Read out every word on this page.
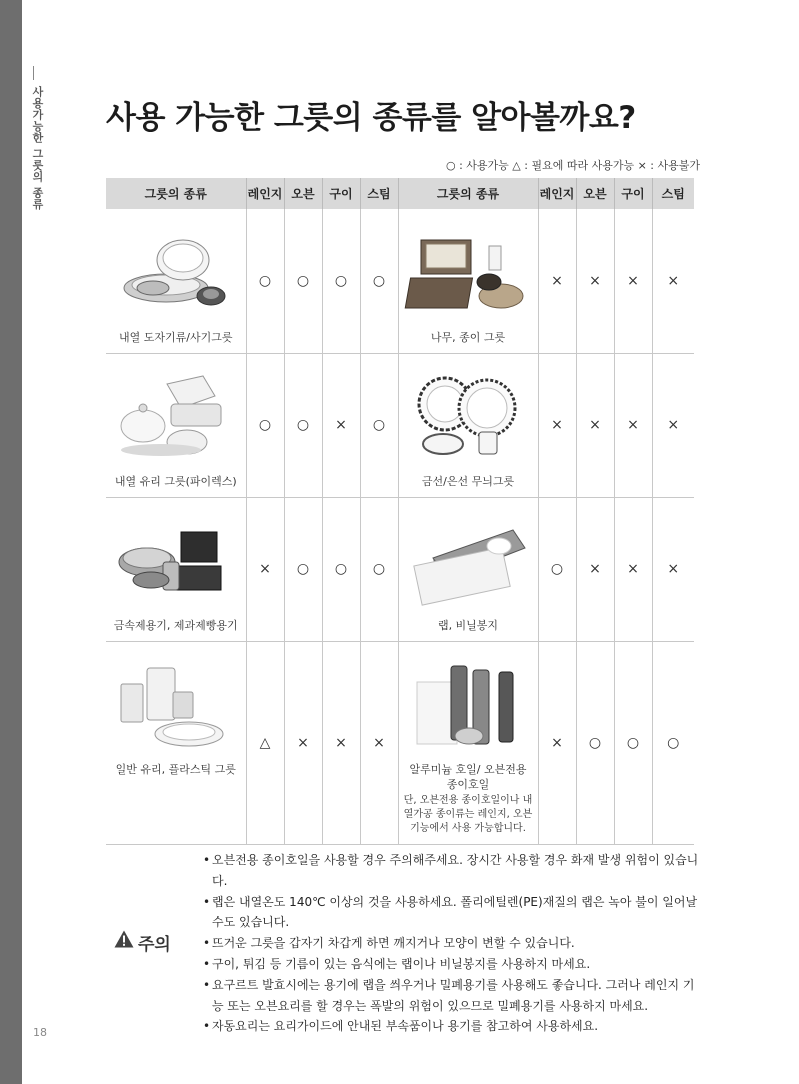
사용가능한 그릇의 종류
18
사용 가능한 그릇의 종류를 알아볼까요?
○ : 사용가능 △ : 필요에 따라 사용가능 × : 사용불가
그릇의 종류	레인지	오븐	구이	스팀	그릇의 종류	레인지	오븐	구이	스팀

내열 도자기류/사기그릇	○	○	○	○	나무, 종이 그릇	×	×	×	×

내열 유리 그릇(파이렉스)	○	○	×	○	금선/은선 무늬그릇	×	×	×	×

금속제용기, 제과제빵용기	×	○	○	○	랩, 비닐봉지	○	×	×	×

일반 유리, 플라스틱 그릇	△	×	×	×	알루미늄 호일/ 오븐전용 종이호일
단, 오븐전용 종이호일이나 내열가공 종이류는 레인지, 오븐 기능에서 사용 가능합니다.	×	○	○	○
주의
• 오븐전용 종이호일을 사용할 경우 주의해주세요. 장시간 사용할 경우 화재 발생 위험이 있습니다.
• 랩은 내열온도 140℃ 이상의 것을 사용하세요. 폴리에틸렌(PE)재질의 랩은 녹아 불이 일어날 수도 있습니다.
• 뜨거운 그릇을 갑자기 차갑게 하면 깨지거나 모양이 변할 수 있습니다.
• 구이, 튀김 등 기름이 있는 음식에는 랩이나 비닐봉지를 사용하지 마세요.
• 요구르트 발효시에는 용기에 랩을 씌우거나 밀폐용기를 사용해도 좋습니다. 그러나 레인지 기능 또는 오븐요리를 할 경우는 폭발의 위험이 있으므로 밀폐용기를 사용하지 마세요.
• 자동요리는 요리가이드에 안내된 부속품이나 용기를 참고하여 사용하세요.
